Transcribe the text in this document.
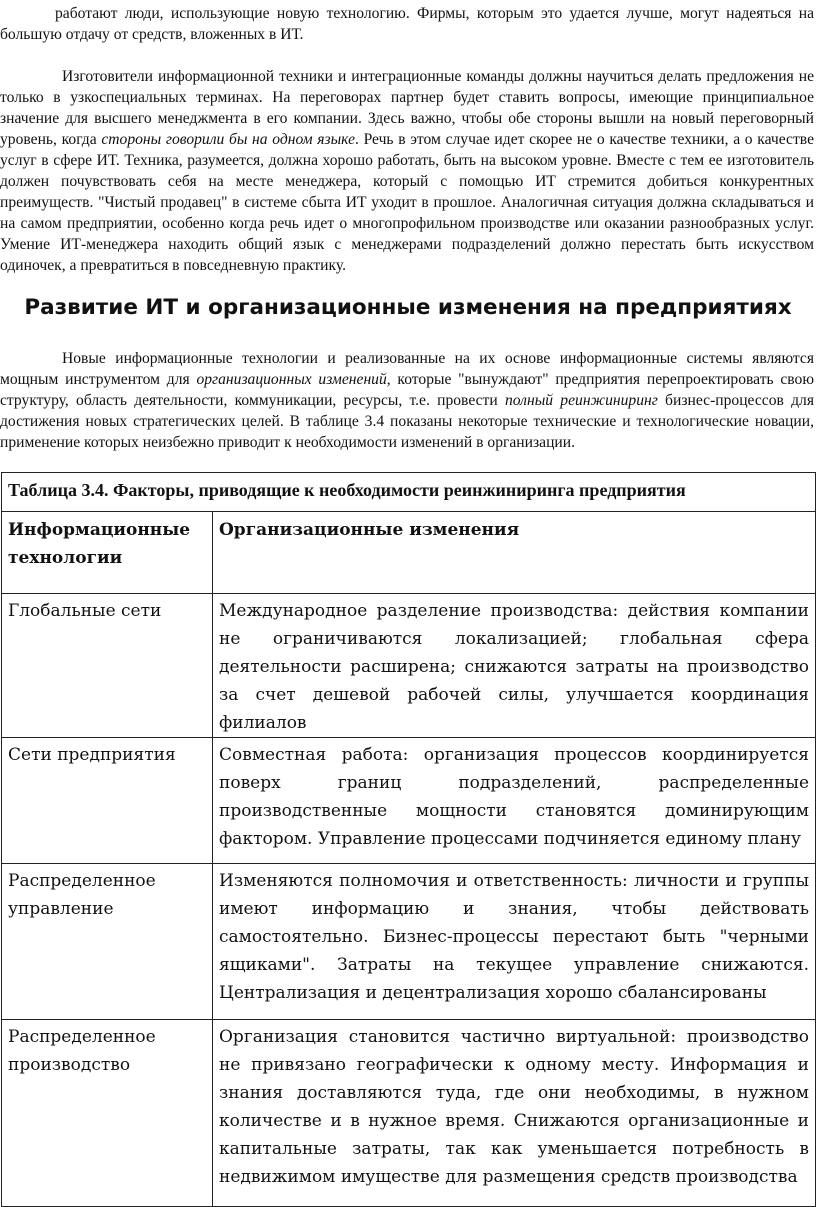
работают люди, использующие новую технологию. Фирмы, которым это удается лучше, могут надеяться на большую отдачу от средств, вложенных в ИТ.

Изготовители информационной техники и интеграционные команды должны научиться делать предложения не только в узкоспециальных терминах. На переговорах партнер будет ставить вопросы, имеющие принципиальное значение для высшего менеджмента в его компании. Здесь важно, чтобы обе стороны вышли на новый переговорный уровень, когда стороны говорили бы на одном языке. Речь в этом случае идет скорее не о качестве техники, а о качестве услуг в сфере ИТ. Техника, разумеется, должна хорошо работать, быть на высоком уровне. Вместе с тем ее изготовитель должен почувствовать себя на месте менеджера, который с помощью ИТ стремится добиться конкурентных преимуществ. "Чистый продавец" в системе сбыта ИТ уходит в прошлое. Аналогичная ситуация должна складываться и на самом предприятии, особенно когда речь идет о многопрофильном производстве или оказании разнообразных услуг. Умение ИТ-менеджера находить общий язык с менеджерами подразделений должно перестать быть искусством одиночек, а превратиться в повседневную практику.

Развитие ИТ и организационные изменения на предприятиях

Новые информационные технологии и реализованные на их основе информационные системы являются мощным инструментом для организационных изменений, которые "вынуждают" предприятия перепроектировать свою структуру, область деятельности, коммуникации, ресурсы, т.е. провести полный реинжиниринг бизнес-процессов для достижения новых стратегических целей. В таблице 3.4 показаны некоторые технические и технологические новации, применение которых неизбежно приводит к необходимости изменений в организации.

Таблица 3.4. Факторы, приводящие к необходимости реинжиниринга предприятия	
Информационные технологии	Организационные изменения
Глобальные сети	Международное разделение производства: действия компании не ограничиваются локализацией; глобальная сфера деятельности расширена; снижаются затраты на производство за счет дешевой рабочей силы, улучшается координация филиалов
Сети предприятия	Совместная работа: организация процессов координируется поверх границ подразделений, распределенные производственные мощности становятся доминирующим фактором. Управление процессами подчиняется единому плану
Распределенное управление	Изменяются полномочия и ответственность: личности и группы имеют информацию и знания, чтобы действовать самостоятельно. Бизнес-процессы перестают быть "черными ящиками". Затраты на текущее управление снижаются. Централизация и децентрализация хорошо сбалансированы
Распределенное производство	Организация становится частично виртуальной: производство не привязано географически к одному месту. Информация и знания доставляются туда, где они необходимы, в нужном количестве и в нужное время. Снижаются организационные и капитальные затраты, так как уменьшается потребность в недвижимом имуществе для размещения средств производства
